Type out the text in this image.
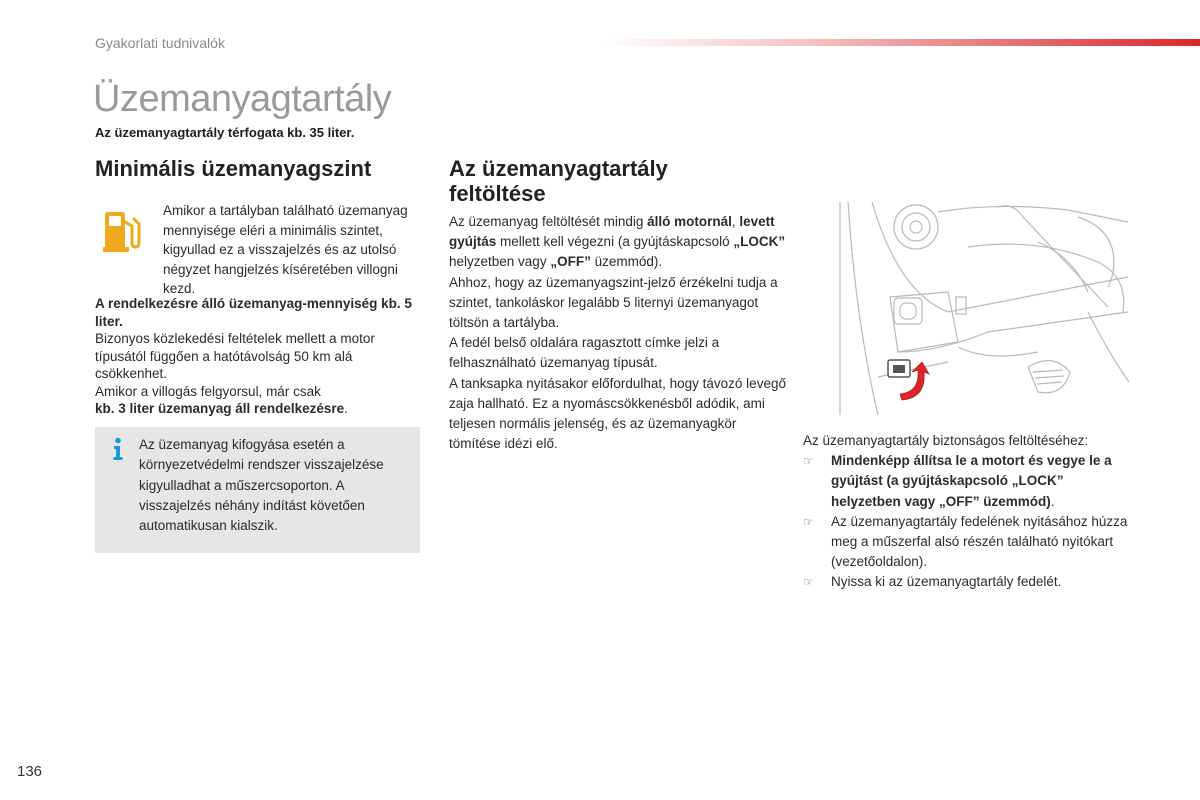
Gyakorlati tudnivalók
Üzemanyagtartály
Az üzemanyagtartály térfogata kb. 35 liter.
Minimális üzemanyagszint
Amikor a tartályban található üzemanyag mennyisége eléri a minimális szintet, kigyullad ez a visszajelzés és az utolsó négyzet hangjelzés kíséretében villogni kezd.

A rendelkezésre álló üzemanyag-mennyiség kb. 5 liter.

Bizonyos közlekedési feltételek mellett a motor típusától függően a hatótávolság 50 km alá csökkenhet.

Amikor a villogás felgyorsul, már csak
kb. 3 liter üzemanyag áll rendelkezésre.

Az üzemanyag kifogyása esetén a környezetvédelmi rendszer visszajelzése kigyulladhat a műszercsoporton. A visszajelzés néhány indítást követően automatikusan kialszik.
Az üzemanyagtartály
feltöltése

Az üzemanyag feltöltését mindig álló motornál, levett gyújtás mellett kell végezni (a gyújtáskapcsoló „LOCK” helyzetben vagy „OFF” üzemmód).

Ahhoz, hogy az üzemanyagszint-jelző érzékelni tudja a szintet, tankoláskor legalább 5 liternyi üzemanyagot töltsön a tartályba.

A fedél belső oldalára ragasztott címke jelzi a felhasználható üzemanyag típusát.

A tanksapka nyitásakor előfordulhat, hogy távozó levegő zaja hallható. Ez a nyomáscsökkenésből adódik, ami teljesen normális jelenség, és az üzemanyagkör tömítése idézi elő.	Az üzemanyagtartály biztonságos feltöltéséhez:

☞ Mindenképp állítsa le a motort és vegye le a gyújtást (a gyújtáskapcsoló „LOCK” helyzetben vagy „OFF” üzemmód).
☞ Az üzemanyagtartály fedelének nyitásához húzza meg a műszerfal alsó részén található nyitókart (vezetőoldalon).
☞ Nyissa ki az üzemanyagtartály fedelét.
136
